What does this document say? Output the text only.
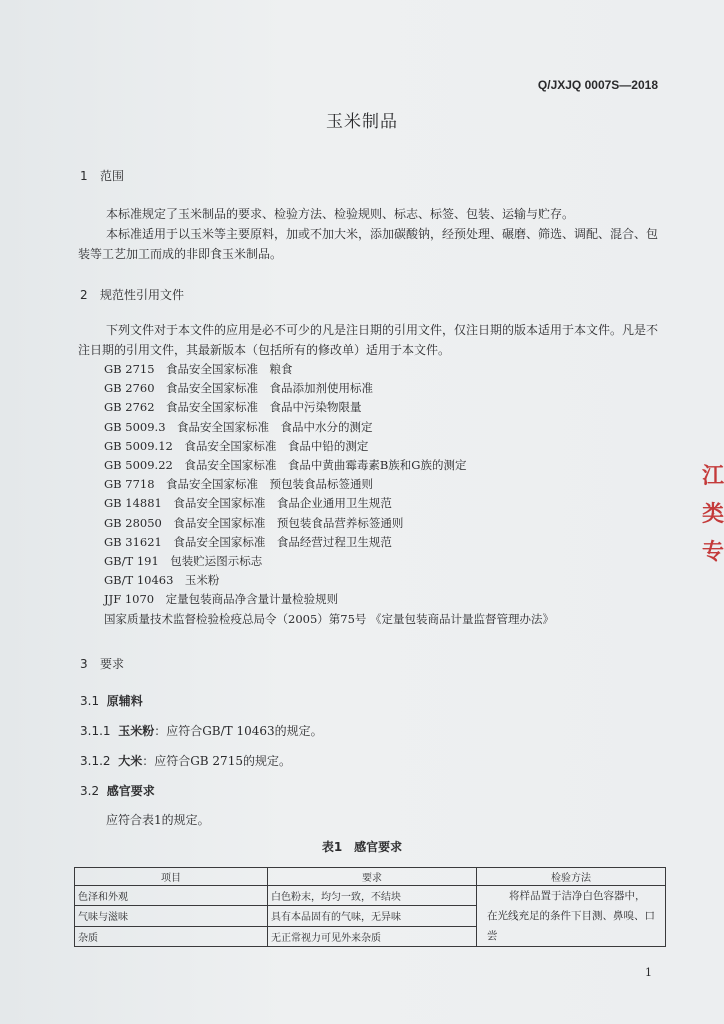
Q/JXJQ 0007S—2018
玉米制品
1 范围
本标准规定了玉米制品的要求、检验方法、检验规则、标志、标签、包装、运输与贮存。
本标准适用于以玉米等主要原料，加或不加大米，添加碳酸钠，经预处理、碾磨、筛选、调配、混合、包装等工艺加工而成的非即食玉米制品。
2 规范性引用文件
下列文件对于本文件的应用是必不可少的凡是注日期的引用文件，仅注日期的版本适用于本文件。凡是不注日期的引用文件，其最新版本（包括所有的修改单）适用于本文件。
GB 2715　食品安全国家标准　粮食
GB 2760　食品安全国家标准　食品添加剂使用标准
GB 2762　食品安全国家标准　食品中污染物限量
GB 5009.3　食品安全国家标准　食品中水分的测定
GB 5009.12　食品安全国家标准　食品中铅的测定
GB 5009.22　食品安全国家标准　食品中黄曲霉毒素B族和G族的测定
GB 7718　食品安全国家标准　预包装食品标签通则
GB 14881　食品安全国家标准　食品企业通用卫生规范
GB 28050　食品安全国家标准　预包装食品营养标签通则
GB 31621　食品安全国家标准　食品经营过程卫生规范
GB/T 191　包装贮运图示标志
GB/T 10463　玉米粉
JJF 1070　定量包装商品净含量计量检验规则
国家质量技术监督检验检疫总局令（2005）第75号 《定量包装商品计量监督管理办法》
3 要求
3.1 原辅料
3.1.1 玉米粉：应符合GB/T 10463的规定。
3.1.2 大米：应符合GB 2715的规定。
3.2 感官要求
应符合表1的规定。
表1　感官要求
项目	要求	检验方法
色泽和外观	白色粉末，均匀一致，不结块	将样品置于洁净白色容器中，在光线充足的条件下目测、鼻嗅、口尝
气味与滋味	具有本品固有的气味，无异味	
杂质	无正常视力可见外来杂质	
1
江
类
专
